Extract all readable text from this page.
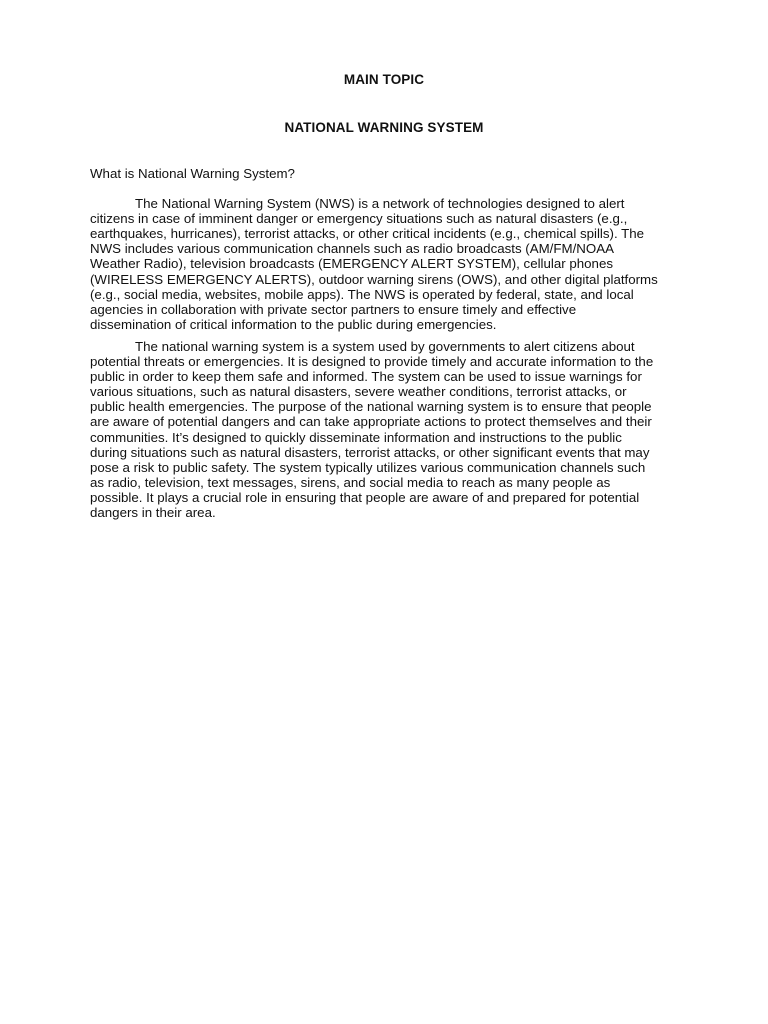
MAIN TOPIC
NATIONAL WARNING SYSTEM

What is National Warning System?

The National Warning System (NWS) is a network of technologies designed to alert citizens in case of imminent danger or emergency situations such as natural disasters (e.g., earthquakes, hurricanes), terrorist attacks, or other critical incidents (e.g., chemical spills). The NWS includes various communication channels such as radio broadcasts (AM/FM/NOAA Weather Radio), television broadcasts (EMERGENCY ALERT SYSTEM), cellular phones (WIRELESS EMERGENCY ALERTS), outdoor warning sirens (OWS), and other digital platforms (e.g., social media, websites, mobile apps). The NWS is operated by federal, state, and local agencies in collaboration with private sector partners to ensure timely and effective dissemination of critical information to the public during emergencies.

The national warning system is a system used by governments to alert citizens about potential threats or emergencies. It is designed to provide timely and accurate information to the public in order to keep them safe and informed. The system can be used to issue warnings for various situations, such as natural disasters, severe weather conditions, terrorist attacks, or public health emergencies. The purpose of the national warning system is to ensure that people are aware of potential dangers and can take appropriate actions to protect themselves and their communities. It’s designed to quickly disseminate information and instructions to the public during situations such as natural disasters, terrorist attacks, or other significant events that may pose a risk to public safety. The system typically utilizes various communication channels such as radio, television, text messages, sirens, and social media to reach as many people as possible. It plays a crucial role in ensuring that people are aware of and prepared for potential dangers in their area.
